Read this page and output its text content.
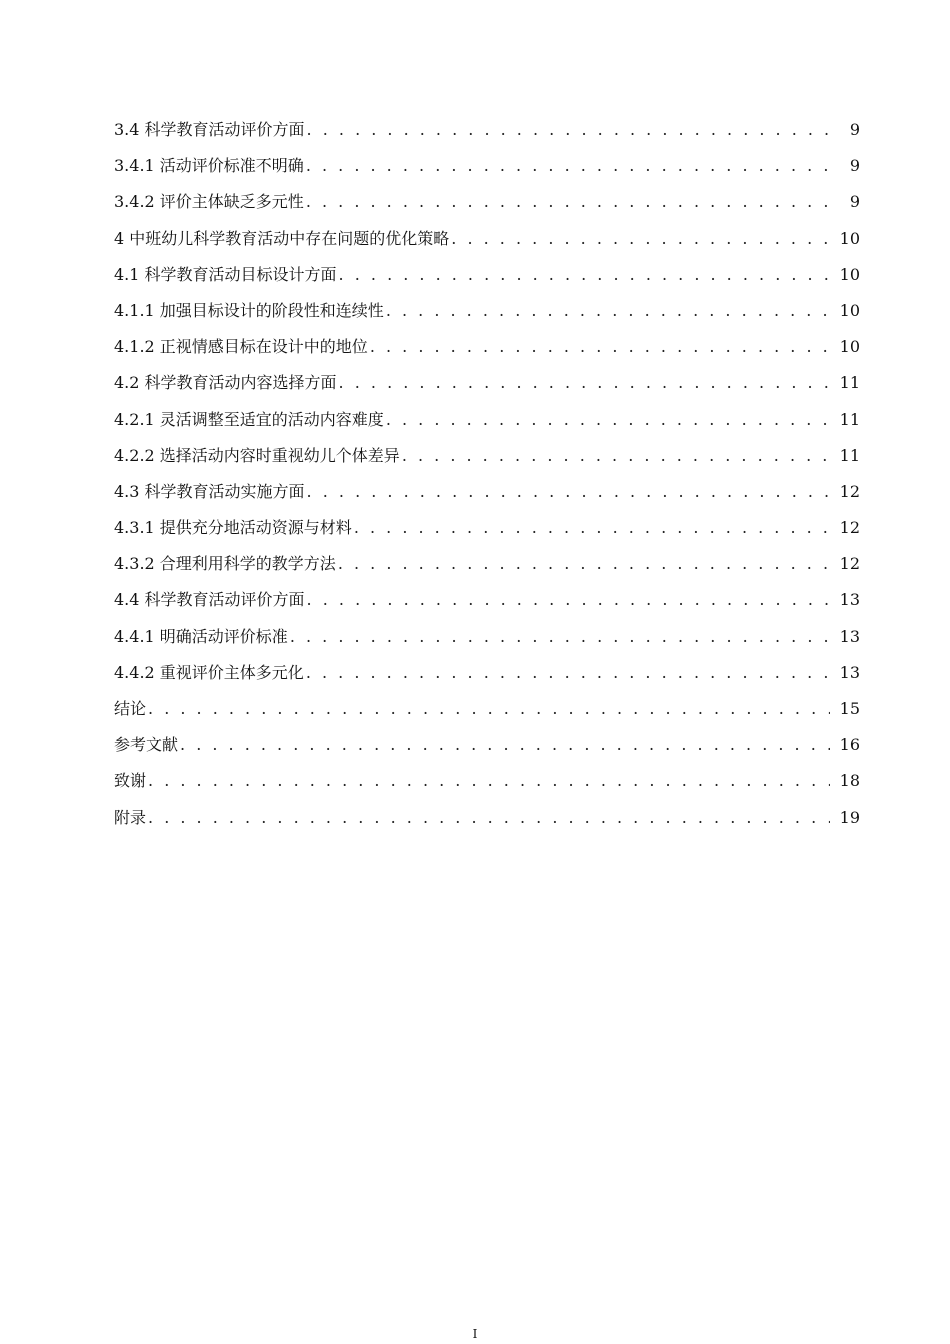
3.4 科学教育活动评价方面 . . .	9
3.4.1 活动评价标准不明确 . . .	9
3.4.2 评价主体缺乏多元性 . . .	9
4 中班幼儿科学教育活动中存在问题的优化策略 . . .	10
4.1 科学教育活动目标设计方面 . . .	10
4.1.1 加强目标设计的阶段性和连续性 . . .	10
4.1.2 正视情感目标在设计中的地位 . . .	10
4.2 科学教育活动内容选择方面 . . .	11
4.2.1 灵活调整至适宜的活动内容难度 . . .	11
4.2.2 选择活动内容时重视幼儿个体差异 . . .	11
4.3 科学教育活动实施方面 . . .	12
4.3.1 提供充分地活动资源与材料 . . .	12
4.3.2 合理利用科学的教学方法 . . .	12
4.4 科学教育活动评价方面 . . .	13
4.4.1 明确活动评价标准 . . .	13
4.4.2 重视评价主体多元化 . . .	13
结论 . . .	15
参考文献 . . .	16
致谢 . . .	18
附录 . . .	19
I
